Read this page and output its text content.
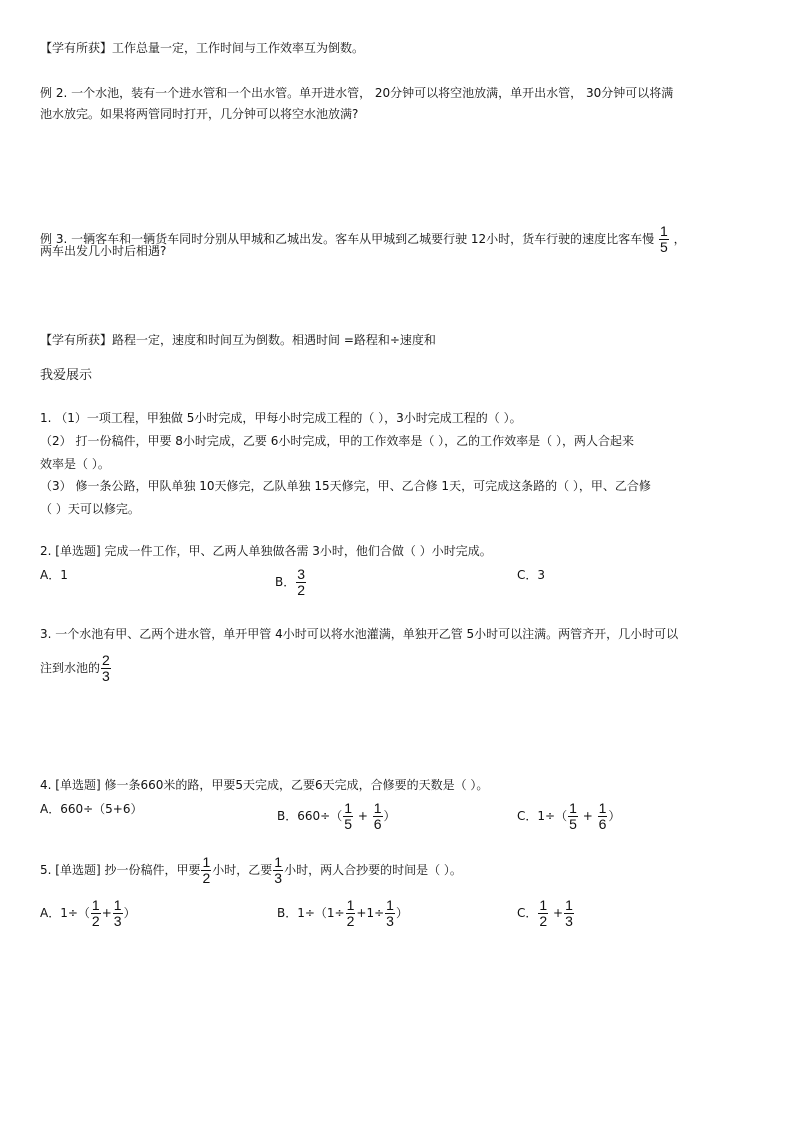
【学有所获】工作总量一定，工作时间与工作效率互为倒数。
例 2. 一个水池，装有一个进水管和一个出水管。单开进水管， 20分钟可以将空池放满，单开出水管， 30分钟可以将满
池水放完。如果将两管同时打开，几分钟可以将空水池放满?
例 3. 一辆客车和一辆货车同时分别从甲城和乙城出发。客车从甲城到乙城要行驶 12小时，货车行驶的速度比客车慢 $\frac{1}{5}$ ，
两车出发几小时后相遇?
【学有所获】路程一定，速度和时间互为倒数。相遇时间 =路程和÷速度和
我爱展示
1. （1）一项工程，甲独做 5小时完成，甲每小时完成工程的（ ），3小时完成工程的（ ）。
（2） 打一份稿件，甲要 8小时完成，乙要 6小时完成，甲的工作效率是（ ），乙的工作效率是（ ），两人合起来
效率是（ ）。
（3） 修一条公路，甲队单独 10天修完，乙队单独 15天修完，甲、乙合修 1天，可完成这条路的（ ），甲、乙合修
（ ）天可以修完。
2. [单选题] 完成一件工作，甲、乙两人单独做各需 3小时，他们合做（ ）小时完成。
A．1	B． $\frac{3}{2}$	C．3
3. 一个水池有甲、乙两个进水管，单开甲管 4小时可以将水池灌满，单独开乙管 5小时可以注满。两管齐开，几小时可以
注到水池的 $\frac{2}{3}$
4. [单选题] 修一条660米的路，甲要5天完成，乙要6天完成，合修要的天数是（ ）。
A．660÷（5+6）	B．$660\div( \frac{1}{5} + \frac{1}{6}$ ）	C．$1\div( \frac{1}{5} + \frac{1}{6}$ ）
5. [单选题] 抄一份稿件，甲要 $\frac{1}{2}$ 小时，乙要 $\frac{1}{3}$ 小时，两人合抄要的时间是（ ）。
A．$1\div( \frac{1}{2} + \frac{1}{3}$ ）	B．$1\div(1\div \frac{1}{2} +1\div \frac{1}{3}$ ）	C． $\frac{1}{2} + \frac{1}{3}$
